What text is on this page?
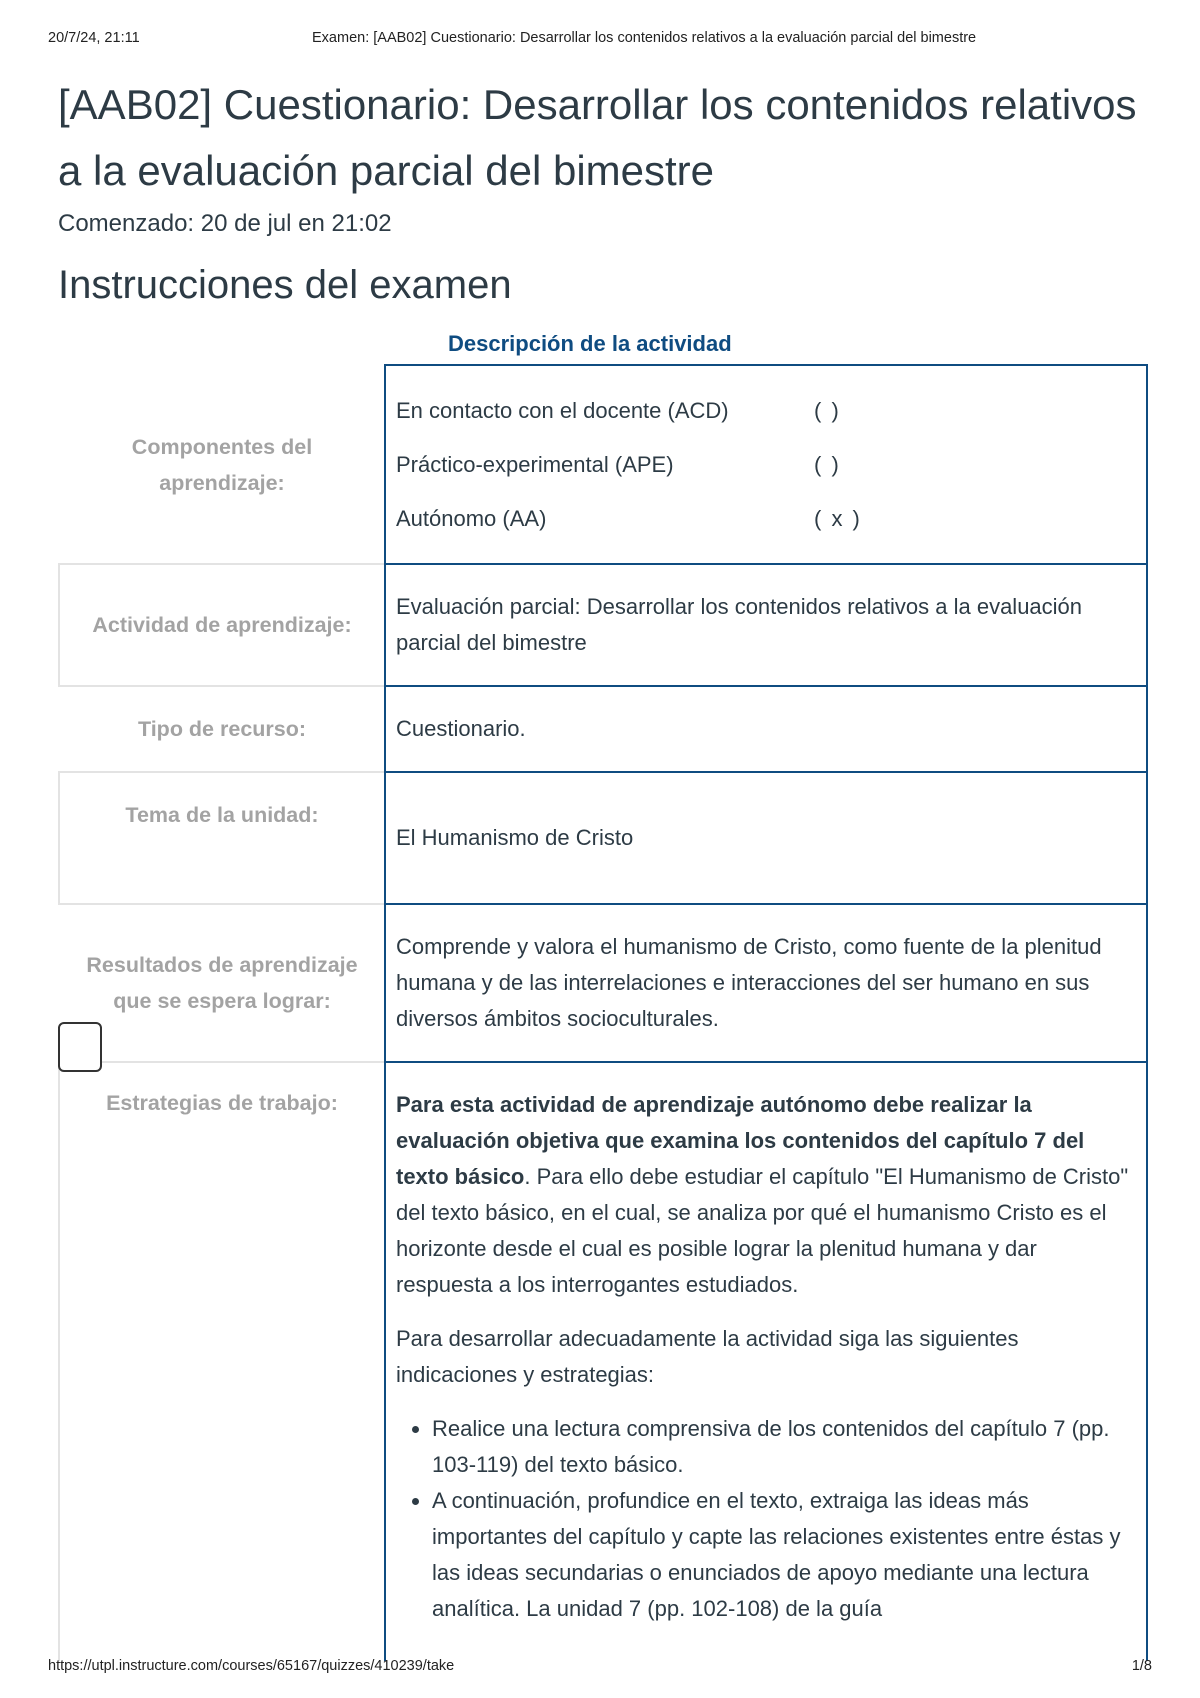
20/7/24, 21:11	Examen: [AAB02] Cuestionario: Desarrollar los contenidos relativos a la evaluación parcial del bimestre
[AAB02] Cuestionario: Desarrollar los contenidos relativos a la evaluación parcial del bimestre
Comenzado: 20 de jul en 21:02
Instrucciones del examen
Descripción de la actividad
Componentes del aprendizaje:
En contacto con el docente (ACD)	( )
Práctico-experimental (APE)	( )
Autónomo (AA)	( x )
Actividad de aprendizaje:

Evaluación parcial: Desarrollar los contenidos relativos a la evaluación parcial del bimestre

Tipo de recurso:	Cuestionario.

Tema de la unidad:

El Humanismo de Cristo

Resultados de aprendizaje que se espera lograr:

Comprende y valora el humanismo de Cristo, como fuente de la plenitud humana y de las interrelaciones e interacciones del ser humano en sus diversos ámbitos socioculturales.

Estrategias de trabajo:	Para esta actividad de aprendizaje autónomo debe realizar la evaluación objetiva que examina los contenidos del capítulo 7 del texto básico. Para ello debe estudiar el capítulo "El Humanismo de Cristo" del texto básico, en el cual, se analiza por qué el humanismo Cristo es el horizonte desde el cual es posible lograr la plenitud humana y dar respuesta a los interrogantes estudiados.

Para desarrollar adecuadamente la actividad siga las siguientes indicaciones y estrategias:

• Realice una lectura comprensiva de los contenidos del capítulo 7 (pp. 103-119) del texto básico.
• A continuación, profundice en el texto, extraiga las ideas más importantes del capítulo y capte las relaciones existentes entre éstas y las ideas secundarias o enunciados de apoyo mediante una lectura analítica. La unidad 7 (pp. 102-108) de la guía
https://utpl.instructure.com/courses/65167/quizzes/410239/take	1/8
